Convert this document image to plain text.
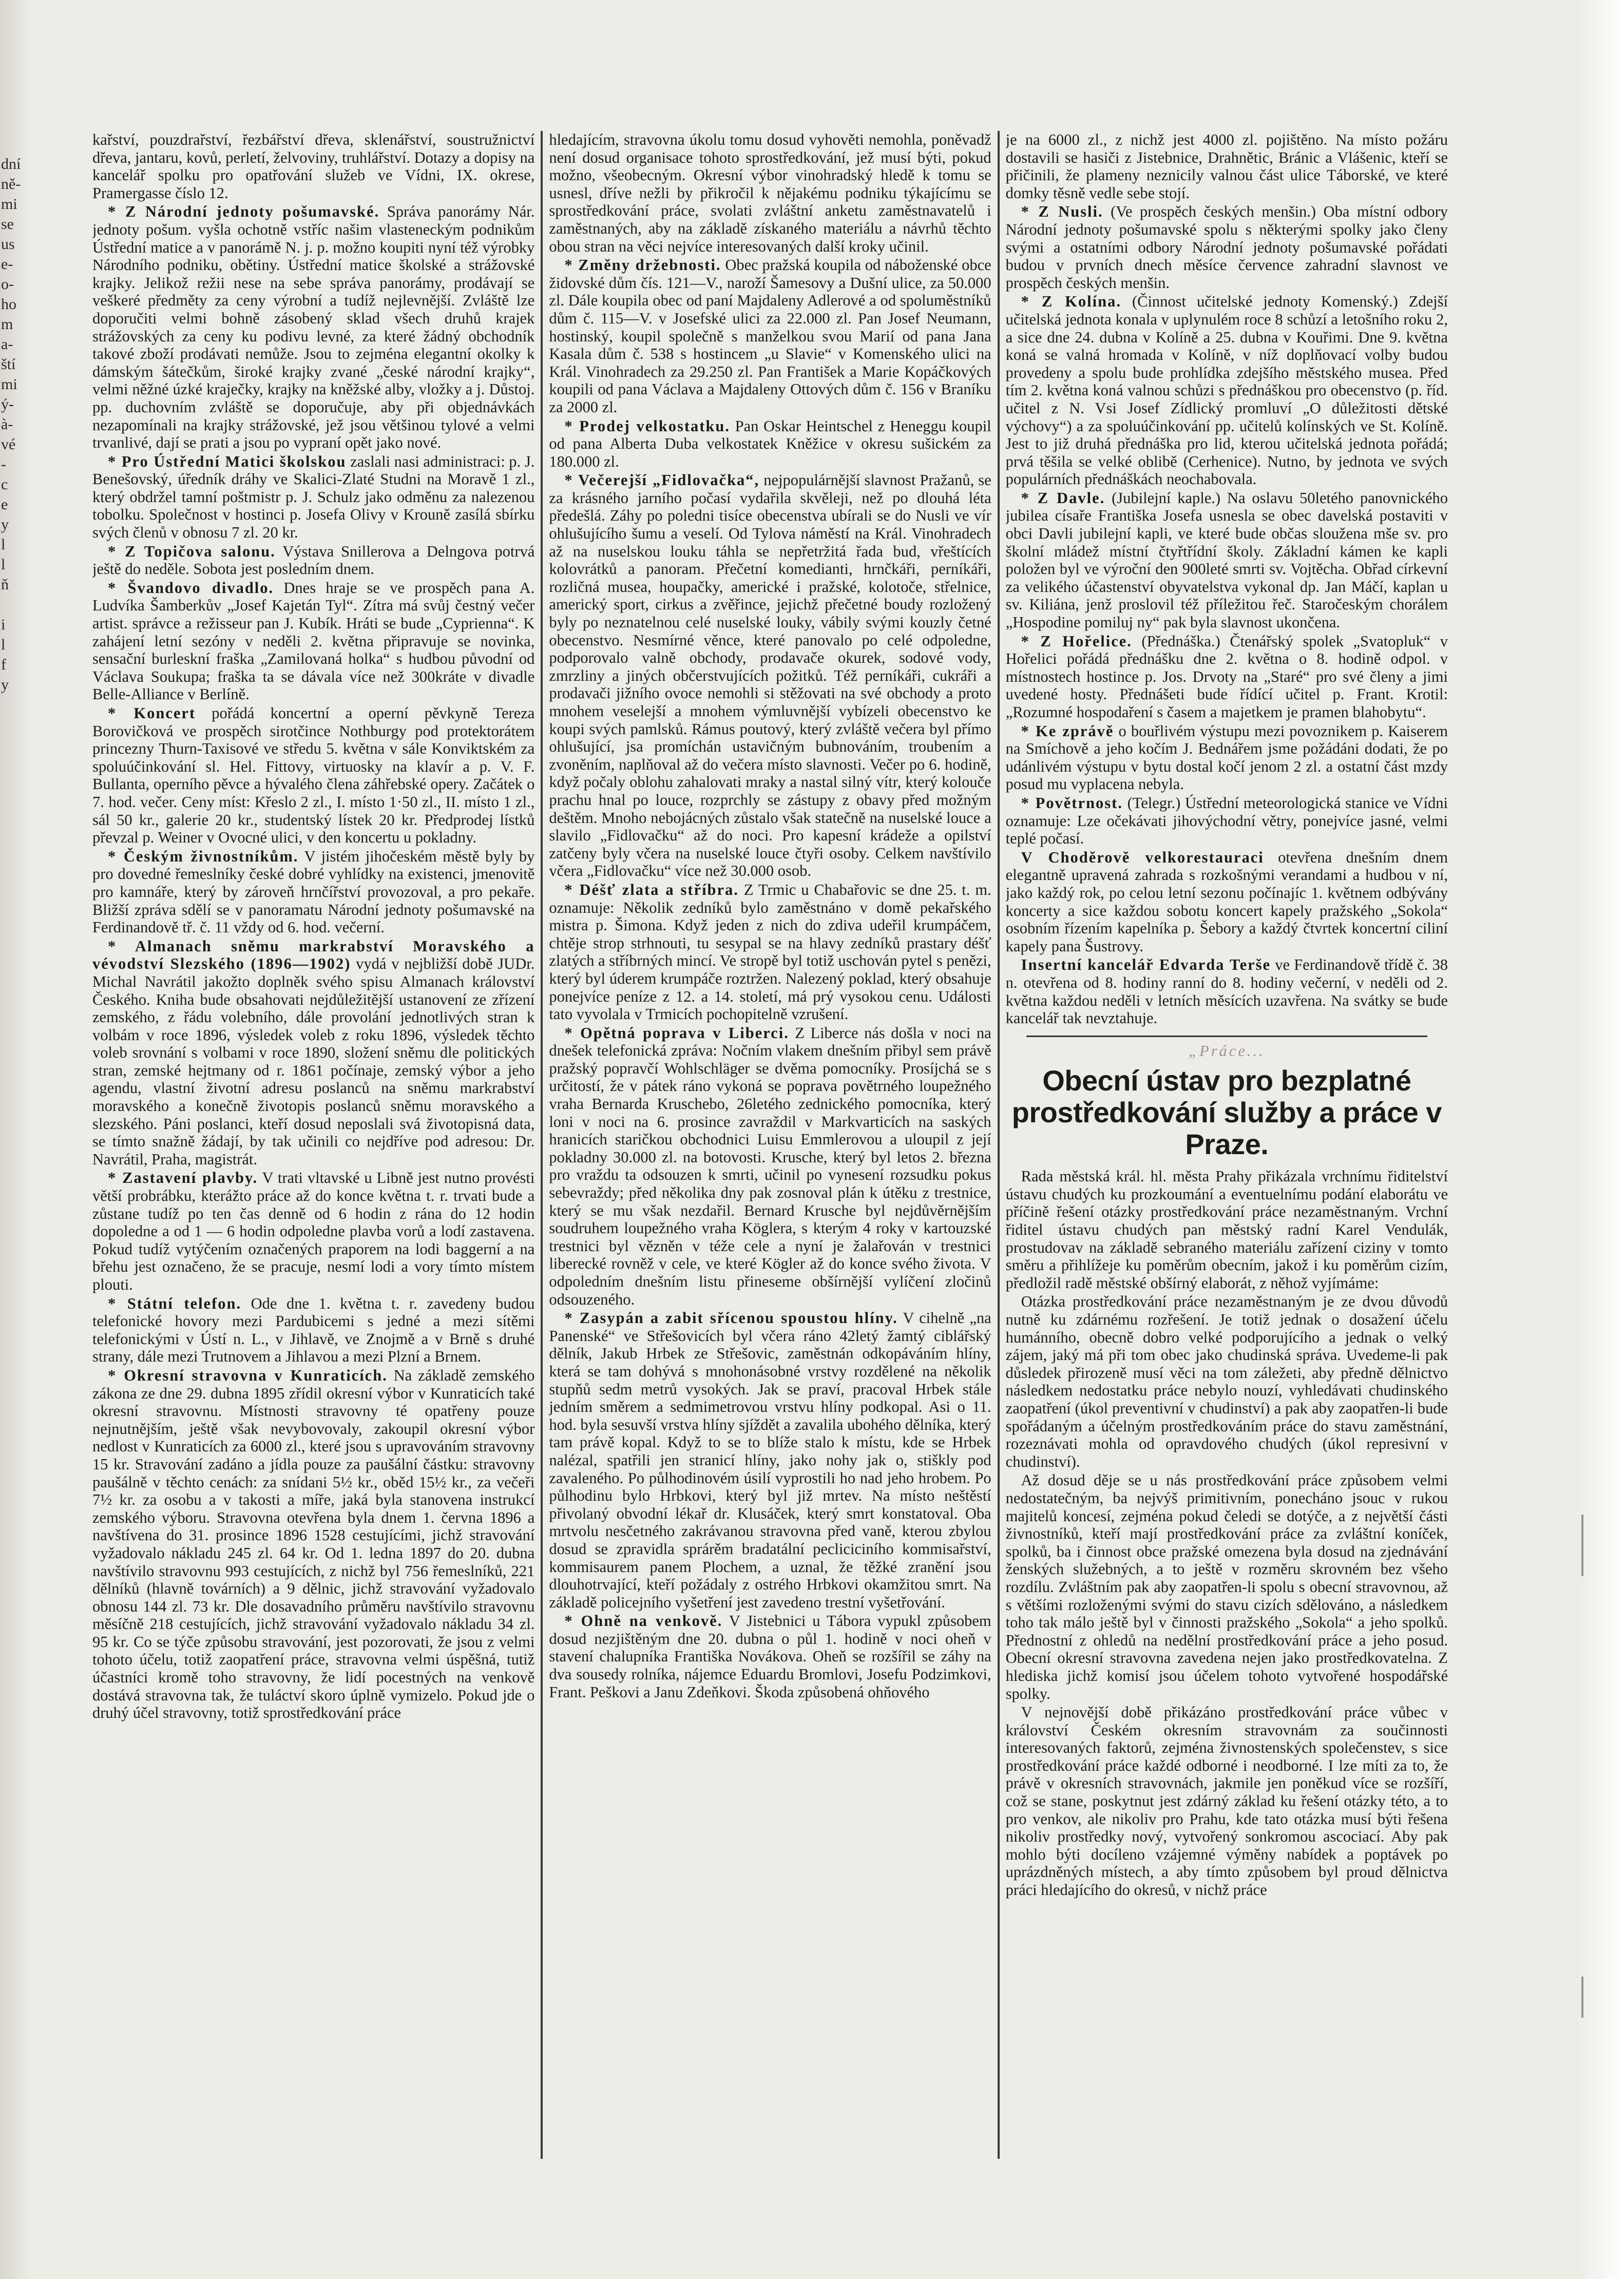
dní
ně-
mi
se
us
e-
o-
ho
m
a-
ští
mi
ý-
à-
vé
-
c
e
y
l
l
ň

i
l
f
y

kařství, pouzdrařství, řezbářství dřeva, sklenářství, soustružnictví dřeva, jantaru, kovů, perletí, želvoviny, truhlářství. Dotazy a dopisy na kancelář spolku pro opatřování služeb ve Vídni, IX. okrese, Pramergasse číslo 12.

* Z Národní jednoty pošumavské. Správa panorámy Nár. jednoty pošum. vyšla ochotně vstříc našim vlasteneckým podnikům Ústřední matice a v panorámě N. j. p. možno koupiti nyní též výrobky Národního podniku, obětiny. Ústřední matice školské a strážovské krajky. Jelikož režii nese na sebe správa panorámy, prodávají se veškeré předměty za ceny výrobní a tudíž nejlevnější. Zvláště lze doporučiti velmi bohně zásobený sklad všech druhů krajek strážovských za ceny ku podivu levné, za které žádný obchodník takové zboží prodávati nemůže. Jsou to zejména elegantní okolky k dámským šátečkům, široké krajky zvané „české národní krajky“, velmi něžné úzké kraječky, krajky na kněžské alby, vložky a j. Důstoj. pp. duchovním zvláště se doporučuje, aby při objednávkách nezapomínali na krajky strážovské, jež jsou většinou tylové a velmi trvanlivé, dají se prati a jsou po vypraní opět jako nové.

* Pro Ústřední Matici školskou zaslali nasi administraci: p. J. Benešovský, úředník dráhy ve Skalici-Zlaté Studni na Moravě 1 zl., který obdržel tamní poštmistr p. J. Schulz jako odměnu za nalezenou tobolku. Společnost v hostinci p. Josefa Olivy v Krouně zasílá sbírku svých členů v obnosu 7 zl. 20 kr.

* Z Topičova salonu. Výstava Snillerova a Delngova potrvá ještě do neděle. Sobota jest posledním dnem.

* Švandovo divadlo. Dnes hraje se ve prospěch pana A. Ludvíka Šamberkův „Josef Kajetán Tyl“. Zítra má svůj čestný večer artist. správce a režisseur pan J. Kubík. Hráti se bude „Cyprienna“. K zahájení letní sezóny v neděli 2. května připravuje se novinka, sensační burleskní fraška „Zamilovaná holka“ s hudbou původní od Václava Soukupa; fraška ta se dávala více než 300kráte v divadle Belle-Alliance v Berlíně.

* Koncert pořádá koncertní a operní pěvkyně Tereza Borovičková ve prospěch sirotčince Nothburgy pod protektorátem princezny Thurn-Taxisové ve středu 5. května v sále Konviktském za spoluúčinkování sl. Hel. Fittovy, virtuosky na klavír a p. V. F. Bullanta, operního pěvce a hývalého člena záhřebské opery. Začátek o 7. hod. večer. Ceny míst: Křeslo 2 zl., I. místo 1·50 zl., II. místo 1 zl., sál 50 kr., galerie 20 kr., studentský lístek 20 kr. Předprodej lístků převzal p. Weiner v Ovocné ulici, v den koncertu u pokladny.

* Českým živnostníkům. V jistém jihočeském městě byly by pro dovedné řemeslníky české dobré vyhlídky na existenci, jmenovitě pro kamnáře, který by zároveň hrnčířství provozoval, a pro pekaře. Bližší zpráva sdělí se v panoramatu Národní jednoty pošumavské na Ferdinandově tř. č. 11 vždy od 6. hod. večerní.

* Almanach sněmu markrabství Moravského a vévodství Slezského (1896—1902) vydá v nejbližší době JUDr. Michal Navrátil jakožto doplněk svého spisu Almanach království Českého. Kniha bude obsahovati nejdůležitější ustanovení ze zřízení zemského, z řádu volebního, dále provolání jednotlivých stran k volbám v roce 1896, výsledek voleb z roku 1896, výsledek těchto voleb srovnání s volbami v roce 1890, složení sněmu dle politických stran, zemské hejtmany od r. 1861 počínaje, zemský výbor a jeho agendu, vlastní životní adresu poslanců na sněmu markrabství moravského a konečně životopis poslanců sněmu moravského a slezského. Páni poslanci, kteří dosud neposlali svá životopisná data, se tímto snažně žádají, by tak učinili co nejdříve pod adresou: Dr. Navrátil, Praha, magistrát.

* Zastavení plavby. V trati vltavské u Libně jest nutno provésti větší probrábku, kterážto práce až do konce května t. r. trvati bude a zůstane tudíž po ten čas denně od 6 hodin z rána do 12 hodin dopoledne a od 1 — 6 hodin odpoledne plavba vorů a lodí zastavena. Pokud tudíž vytýčením označených praporem na lodi baggerní a na břehu jest označeno, že se pracuje, nesmí lodi a vory tímto místem plouti.

* Státní telefon. Ode dne 1. května t. r. zavedeny budou telefonické hovory mezi Pardubicemi s jedné a mezi sítěmi telefonickými v Ústí n. L., v Jihlavě, ve Znojmě a v Brně s druhé strany, dále mezi Trutnovem a Jihlavou a mezi Plzní a Brnem.

* Okresní stravovna v Kunraticích. Na základě zemského zákona ze dne 29. dubna 1895 zřídil okresní výbor v Kunraticích také okresní stravovnu. Místnosti stravovny té opatřeny pouze nejnutnějším, ještě však nevybovovaly, zakoupil okresní výbor nedlost v Kunraticích za 6000 zl., které jsou s upravováním stravovny 15 kr. Stravování zadáno a jídla pouze za paušální částku: stravovny paušálně v těchto cenách: za snídani 5½ kr., oběd 15½ kr., za večeři 7½ kr. za osobu a v takosti a míře, jaká byla stanovena instrukcí zemského výboru. Stravovna otevřena byla dnem 1. června 1896 a navštívena do 31. prosince 1896 1528 cestujícími, jichž stravování vyžadovalo nákladu 245 zl. 64 kr. Od 1. ledna 1897 do 20. dubna navštívilo stravovnu 993 cestujících, z nichž byl 756 řemeslníků, 221 dělníků (hlavně továrních) a 9 dělnic, jichž stravování vyžadovalo obnosu 144 zl. 73 kr. Dle dosavadního průměru navštívilo stravovnu měsíčně 218 cestujících, jichž stravování vyžadovalo nákladu 34 zl. 95 kr. Co se týče způsobu stravování, jest pozorovati, že jsou z velmi tohoto účelu, totiž zaopatření práce, stravovna velmi úspěšná, tutiž účastníci kromě toho stravovny, že lidí pocestných na venkově dostává stravovna tak, že tuláctví skoro úplně vymizelo. Pokud jde o druhý účel stravovny, totiž sprostředkování práce

hledajícím, stravovna úkolu tomu dosud vyhověti nemohla, poněvadž není dosud organisace tohoto sprostředkování, jež musí býti, pokud možno, všeobecným. Okresní výbor vinohradský hledě k tomu se usnesl, dříve nežli by přikročil k nějakému podniku týkajícímu se sprostředkování práce, svolati zvláštní anketu zaměstnavatelů i zaměstnaných, aby na základě získaného materiálu a návrhů těchto obou stran na věci nejvíce interesovaných další kroky učinil.

* Změny držebnosti. Obec pražská koupila od náboženské obce židovské dům čís. 121—V., naroží Šamesovy a Dušní ulice, za 50.000 zl. Dále koupila obec od paní Majdaleny Adlerové a od spoluměstníků dům č. 115—V. v Josefské ulici za 22.000 zl. Pan Josef Neumann, hostinský, koupil společně s manželkou svou Marií od pana Jana Kasala dům č. 538 s hostincem „u Slavie“ v Komenského ulici na Král. Vinohradech za 29.250 zl. Pan František a Marie Kopáčkových koupili od pana Václava a Majdaleny Ottových dům č. 156 v Braníku za 2000 zl.

* Prodej velkostatku. Pan Oskar Heintschel z Heneggu koupil od pana Alberta Duba velkostatek Kněžice v okresu sušickém za 180.000 zl.

* Večerejší „Fidlovačka“, nejpopulárnější slavnost Pražanů, se za krásného jarního počasí vydařila skvěleji, než po dlouhá léta předešlá. Záhy po poledni tisíce obecenstva ubírali se do Nusli ve vír ohlušujícího šumu a veselí. Od Tylova náměstí na Král. Vinohradech až na nuselskou louku táhla se nepřetržitá řada bud, vřeštících kolovrátků a panoram. Přečetní komedianti, hrnčkáři, perníkáři, rozličná musea, houpačky, americké i pražské, kolotoče, střelnice, americký sport, cirkus a zvěřince, jejichž přečetné boudy rozložený byly po neznatelnou celé nuselské louky, vábily svými kouzly četné obecenstvo. Nesmírné věnce, které panovalo po celé odpoledne, podporovalo valně obchody, prodavače okurek, sodové vody, zmrzliny a jiných občerstvujících požitků. Též perníkáři, cukráři a prodavači jižního ovoce nemohli si stěžovati na své obchody a proto mnohem veselejší a mnohem výmluvnější vybízeli obecenstvo ke koupi svých pamlsků. Rámus poutový, který zvláště večera byl přímo ohlušující, jsa promíchán ustavičným bubnováním, troubením a zvoněním, naplňoval až do večera místo slavnosti. Večer po 6. hodině, když počaly oblohu zahalovati mraky a nastal silný vítr, který kolouče prachu hnal po louce, rozprchly se zástupy z obavy před možným deštěm. Mnoho nebojácných zůstalo však statečně na nuselské louce a slavilo „Fidlovačku“ až do noci. Pro kapesní krádeže a opilství zatčeny byly včera na nuselské louce čtyři osoby. Celkem navštívilo včera „Fidlovačku“ více než 30.000 osob.

* Déšť zlata a stříbra. Z Trmic u Chabařovic se dne 25. t. m. oznamuje: Několik zedníků bylo zaměstnáno v domě pekařského mistra p. Šimona. Když jeden z nich do zdiva udeřil krumpáčem, chtěje strop strhnouti, tu sesypal se na hlavy zedníků prastary déšť zlatých a stříbrných mincí. Ve stropě byl totiž uschován pytel s penězi, který byl úderem krumpáče roztržen. Nalezený poklad, který obsahuje ponejvíce peníze z 12. a 14. století, má prý vysokou cenu. Události tato vyvolala v Trmicích pochopitelně vzrušení.

* Opětná poprava v Liberci. Z Liberce nás došla v noci na dnešek telefonická zpráva: Nočním vlakem dnešním přibyl sem právě pražský popravčí Wohlschläger se dvěma pomocníky. Prosíjchá se s určitostí, že v pátek ráno vykoná se poprava povětrného loupežného vraha Bernarda Kruschebo, 26letého zednického pomocníka, který loni v noci na 6. prosince zavraždil v Markvarticích na saských hranicích staričkou obchodnici Luisu Emmlerovou a uloupil z její pokladny 30.000 zl. na botovosti. Krusche, který byl letos 2. března pro vraždu ta odsouzen k smrti, učinil po vynesení rozsudku pokus sebevraždy; před několika dny pak zosnoval plán k útěku z trestnice, který se mu však nezdařil. Bernard Krusche byl nejdůvěrnějším soudruhem loupežného vraha Köglera, s kterým 4 roky v kartouzské trestnici byl vězněn v téže cele a nyní je žalařován v trestnici liberecké rovněž v cele, ve které Kögler až do konce svého života. V odpoledním dnešním listu přineseme obšírnější vylíčení zločinů odsouzeného.

* Zasypán a zabit sřícenou spoustou hlíny. V cihelně „na Panenské“ ve Střešovicích byl včera ráno 42letý žamtý ciblářský dělník, Jakub Hrbek ze Střešovic, zaměstnán odkopáváním hlíny, která se tam dohývá s mnohonásobné vrstvy rozdělené na několik stupňů sedm metrů vysokých. Jak se praví, pracoval Hrbek stále jedním směrem a sedmimetrovou vrstvu hlíny podkopal. Asi o 11. hod. byla sesuvší vrstva hlíny sjíždět a zavalila ubohého dělníka, který tam právě kopal. Když to se to blíže stalo k místu, kde se Hrbek nalézal, spatřili jen stranicí hlíny, jako nohy jak o, stiškly pod zavaleného. Po půlhodinovém úsilí vyprostili ho nad jeho hrobem. Po půlhodinu bylo Hrbkovi, který byl již mrtev. Na místo neštěstí přivolaný obvodní lékař dr. Klusáček, který smrt konstatoval. Oba mrtvolu nesčetného zakrávanou stravovna před vaně, kterou zbylou dosud se zpravidla sprárěm bradatální pecliciciního kommisařství, kommisaurem panem Plochem, a uznal, že těžké zranění jsou dlouhotrvající, kteří požádaly z ostrého Hrbkovi okamžitou smrt. Na základě policejního vyšetření jest zavedeno trestní vyšetřování.

* Ohně na venkově. V Jistebnici u Tábora vypukl způsobem dosud nezjištěným dne 20. dubna o půl 1. hodině v noci oheň v stavení chalupníka Františka Novákova. Oheň se rozšířil se záhy na dva sousedy rolníka, nájemce Eduardu Bromlovi, Josefu Podzimkovi, Frant. Peškovi a Janu Zdeňkovi. Škoda způsobená ohňového

je na 6000 zl., z nichž jest 4000 zl. pojištěno. Na místo požáru dostavili se hasiči z Jistebnice, Drahnětic, Bránic a Vlášenic, kteří se přičinili, že plameny neznicily valnou část ulice Táborské, ve které domky těsně vedle sebe stojí.

* Z Nusli. (Ve prospěch českých menšin.) Oba místní odbory Národní jednoty pošumavské spolu s některými spolky jako členy svými a ostatními odbory Národní jednoty pošumavské pořádati budou v prvních dnech měsíce července zahradní slavnost ve prospěch českých menšin.

* Z Kolína. (Činnost učitelské jednoty Komenský.) Zdejší učitelská jednota konala v uplynulém roce 8 schůzí a letošního roku 2, a sice dne 24. dubna v Kolíně a 25. dubna v Kouřimi. Dne 9. května koná se valná hromada v Kolíně, v níž doplňovací volby budou provedeny a spolu bude prohlídka zdejšího městského musea. Před tím 2. května koná valnou schůzi s přednáškou pro obecenstvo (p. říd. učitel z N. Vsi Josef Zídlický promluví „O důležitosti dětské výchovy“) a za spoluúčinkování pp. učitelů kolínských ve St. Kolíně. Jest to již druhá přednáška pro lid, kterou učitelská jednota pořádá; prvá těšila se velké oblibě (Cerhenice). Nutno, by jednota ve svých populárních přednáškách neochabovala.

* Z Davle. (Jubilejní kaple.) Na oslavu 50letého panovnického jubilea císaře Františka Josefa usnesla se obec davelská postaviti v obci Davli jubilejní kapli, ve které bude občas sloužena mše sv. pro školní mládež místní čtyřtřídní školy. Základní kámen ke kapli položen byl ve výroční den 900leté smrti sv. Vojtěcha. Obřad církevní za velikého účastenství obyvatelstva vykonal dp. Jan Máčí, kaplan u sv. Kiliána, jenž proslovil též příležitou řeč. Staročeským chorálem „Hospodine pomiluj ny“ pak byla slavnost ukončena.

* Z Hořelice. (Přednáška.) Čtenářský spolek „Svatopluk“ v Hořelici pořádá přednášku dne 2. května o 8. hodině odpol. v místnostech hostince p. Jos. Drvoty na „Staré“ pro své členy a jimi uvedené hosty. Přednášeti bude řídící učitel p. Frant. Krotil: „Rozumné hospodaření s časem a majetkem je pramen blahobytu“.

* Ke zprávě o bouřlivém výstupu mezi povoznikem p. Kaiserem na Smíchově a jeho kočím J. Bednářem jsme požádáni dodati, že po udánlivém výstupu v bytu dostal kočí jenom 2 zl. a ostatní část mzdy posud mu vyplacena nebyla.

* Povětrnost. (Telegr.) Ústřední meteorologická stanice ve Vídni oznamuje: Lze očekávati jihovýchodní větry, ponejvíce jasné, velmi teplé počasí.

V Choděrově velkorestauraci otevřena dnešním dnem elegantně upravená zahrada s rozkošnými verandami a hudbou v ní, jako každý rok, po celou letní sezonu počínajíc 1. květnem odbývány koncerty a sice každou sobotu koncert kapely pražského „Sokola“ osobním řízením kapelníka p. Šebory a každý čtvrtek koncertní ciliní kapely pana Šustrovy.

Insertní kancelář Edvarda Terše ve Ferdinandově třídě č. 38 n. otevřena od 8. hodiny ranní do 8. hodiny večerní, v neděli od 2. května každou neděli v letních měsících uzavřena. Na svátky se bude kancelář tak nevztahuje.

„Práce...
Obecní ústav pro bezplatné prostředkování služby a práce v Praze.

Rada městská král. hl. města Prahy přikázala vrchnímu řiditelství ústavu chudých ku prozkoumání a eventuelnímu podání elaborátu ve příčině řešení otázky prostředkování práce nezaměstnaným. Vrchní řiditel ústavu chudých pan městský radní Karel Vendulák, prostudovav na základě sebraného materiálu zařízení ciziny v tomto směru a přihlížeje ku poměrům obecním, jakož i ku poměrům cizím, předložil radě městské obšírný elaborát, z něhož vyjímáme:

Otázka prostředkování práce nezaměstnaným je ze dvou důvodů nutně ku zdárnému rozřešení. Je totiž jednak o dosažení účelu humánního, obecně dobro velké podporujícího a jednak o velký zájem, jaký má při tom obec jako chudinská správa. Uvedeme-li pak důsledek přirozeně musí věci na tom záležeti, aby předně dělnictvo následkem nedostatku práce nebylo nouzí, vyhledávati chudinského zaopatření (úkol preventivní v chudinství) a pak aby zaopatřen-li bude spořádaným a účelným prostředkováním práce do stavu zaměstnání, rozeznávati mohla od opravdového chudých (úkol represivní v chudinství).

Až dosud děje se u nás prostředkování práce způsobem velmi nedostatečným, ba nejvýš primitivním, ponecháno jsouc v rukou majitelů koncesí, zejména pokud čeledi se dotýče, a z největší části živnostníků, kteří mají prostředkování práce za zvláštní koníček, spolků, ba i činnost obce pražské omezena byla dosud na zjednávání ženských služebných, a to ještě v rozměru skrovném bez všeho rozdílu. Zvláštním pak aby zaopatřen-li spolu s obecní stravovnou, až s většími rozloženými svými do stavu cizích sdělováno, a následkem toho tak málo ještě byl v činnosti pražského „Sokola“ a jeho spolků. Přednostní z ohledů na nedělní prostředkování práce a jeho posud. Obecní okresní stravovna zavedena nejen jako prostředkovatelna. Z hlediska jichž komisí jsou účelem tohoto vytvořené hospodářské spolky.

V nejnovější době přikázáno prostředkování práce vůbec v království Českém okresním stravovnám za součinnosti interesovaných faktorů, zejména živnostenských společenstev, s sice prostředkování práce každé odborné i neodborné. I lze míti za to, že právě v okresních stravovnách, jakmile jen poněkud více se rozšíří, což se stane, poskytnut jest zdárný základ ku řešení otázky této, a to pro venkov, ale nikoliv pro Prahu, kde tato otázka musí býti řešena nikoliv prostředky nový, vytvořený sonkromou ascociací. Aby pak mohlo býti docíleno vzájemné výměny nabídek a poptávek po uprázdněných místech, a aby tímto způsobem byl proud dělnictva práci hledajícího do okresů, v nichž práce
